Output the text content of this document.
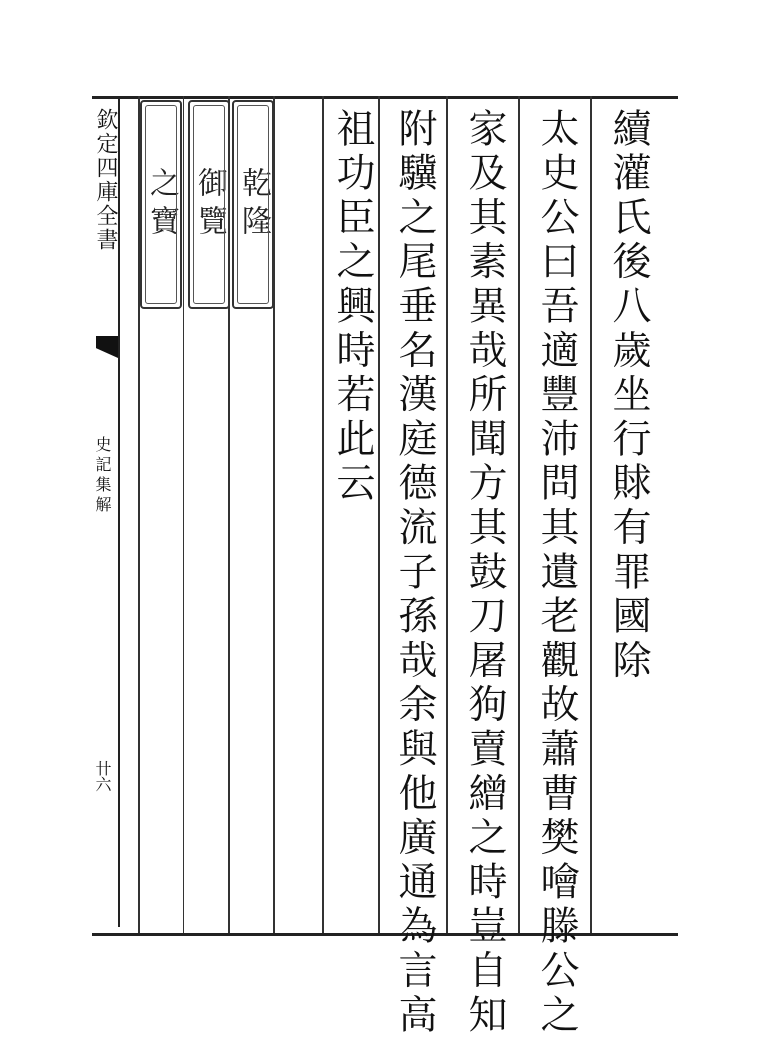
欽定四庫全書
史記集解
卄六
之寶 御覽 乾隆	續灌氏後八歲坐行賕有罪國除
太史公曰吾適豐沛問其遺老觀故蕭曹樊噲滕公之
家及其素異哉所聞方其鼓刀屠狗賣繒之時豈自知
附驥之尾垂名漢庭德流子孫哉余與他廣通為言高
祖功臣之興時若此云
